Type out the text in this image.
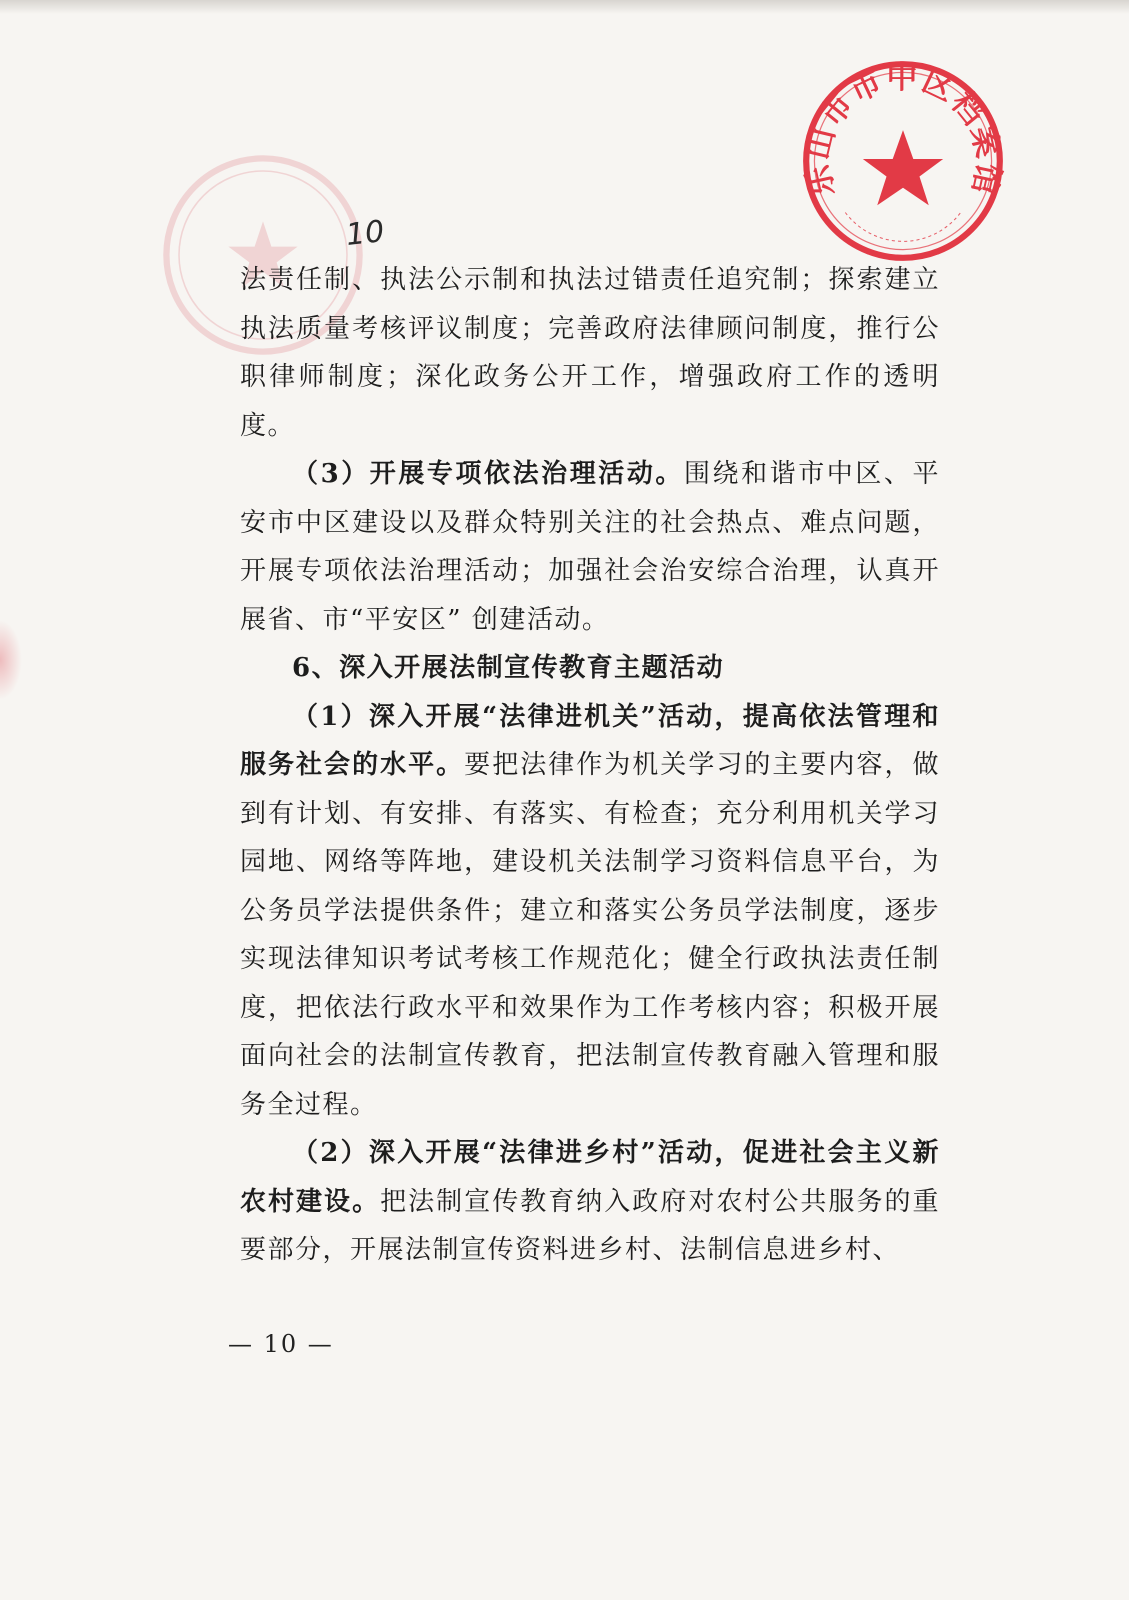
乐山市市中区档案馆
10

法责任制、执法公示制和执法过错责任追究制；探索建立执法质量考核评议制度；完善政府法律顾问制度，推行公职律师制度；深化政务公开工作，增强政府工作的透明度。

（3）开展专项依法治理活动。围绕和谐市中区、平安市中区建设以及群众特别关注的社会热点、难点问题，开展专项依法治理活动；加强社会治安综合治理，认真开展省、市“平安区” 创建活动。

6、深入开展法制宣传教育主题活动

（1）深入开展“法律进机关”活动，提高依法管理和服务社会的水平。要把法律作为机关学习的主要内容，做到有计划、有安排、有落实、有检查；充分利用机关学习园地、网络等阵地，建设机关法制学习资料信息平台，为公务员学法提供条件；建立和落实公务员学法制度，逐步实现法律知识考试考核工作规范化；健全行政执法责任制度，把依法行政水平和效果作为工作考核内容；积极开展面向社会的法制宣传教育，把法制宣传教育融入管理和服务全过程。

（2）深入开展“法律进乡村”活动，促进社会主义新农村建设。把法制宣传教育纳入政府对农村公共服务的重要部分，开展法制宣传资料进乡村、法制信息进乡村、

— 10 —
